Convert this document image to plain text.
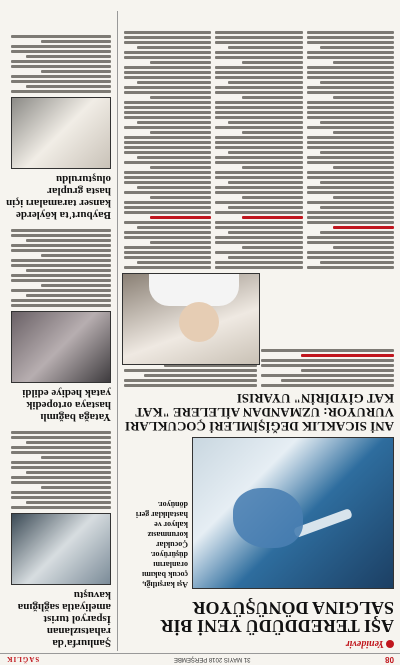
08
31 MAYIS 2018 PERŞEMBE
SAĞLIK
Yenidevir
AŞI TEREDDÜDÜ YENİ BİR SALGINA DÖNÜŞÜYOR
Aşı karşıtlığı, çocuk bakımı oranlarını düşürüyor. Çocuklar korunmasız kalıyor ve hastalıklar geri dönüyor.
ANİ SICAKLIK DEĞİŞİMLERİ ÇOCUKLARI VURUYOR: UZMANDAN AİLELERE "KAT KAT GİYDİRİN" UYARISI
Şanlıurfa'da rahatsızlanan İsparyol turist ameliyatla sağlığına kavuştu
Yatağa bağımlı hastaya ortopedik yatak hediye edildi
Bayburt'ta köylerde kanser taramaları için hasta gruplar oluşturuldu
